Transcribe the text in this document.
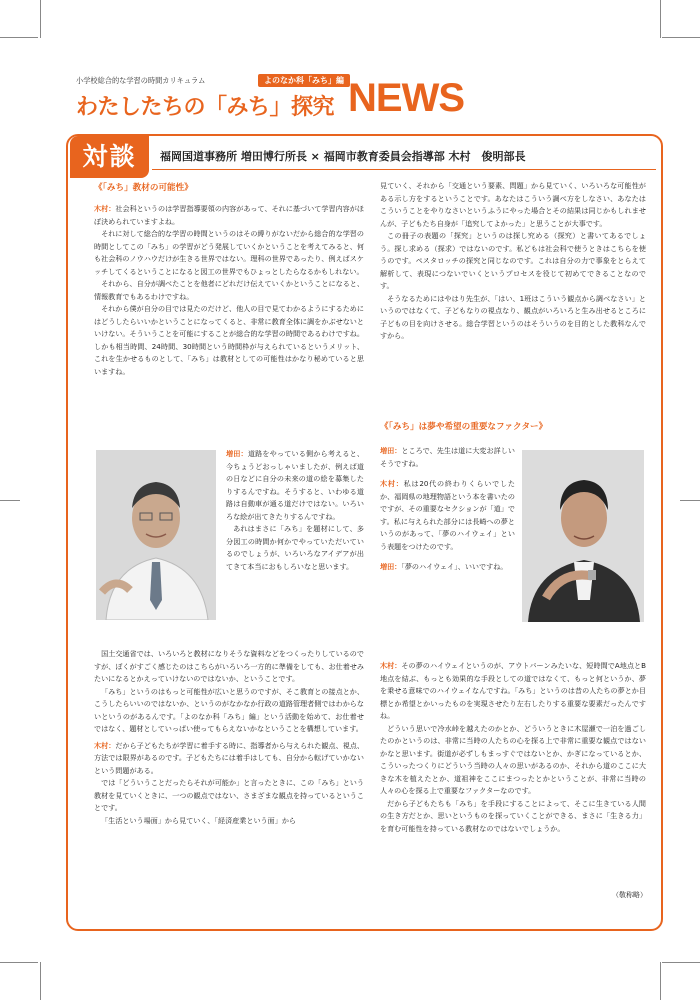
小学校総合的な学習の時間カリキュラム	よのなか科「みち」編
わたしたちの「みち」探究 NEWS
対談	福岡国道事務所 増田博行所長 × 福岡市教育委員会指導部 木村　俊明部長
《「みち」教材の可能性》

木村：社会科というのは学習指導要領の内容があって、それに基づいて学習内容がほぼ決められていますよね。

それに対して総合的な学習の時間というのはその縛りがないだから総合的な学習の時間としてこの「みち」の学習がどう発展していくかということを考えてみると、何も社会科のノウハウだけが生きる世界ではない。理科の世界であったり、例えばスケッチしてくるということになると図工の世界でもひょっとしたらなるかもしれない。

それから、自分が調べたことを他者にどれだけ伝えていくかということになると、情報教育でもあるわけですね。

それから僕が自分の目では見たのだけど、他人の目で見てわかるようにするためにはどうしたらいいかということになってくると、非常に教育全体に調をかぶせないといけない。そういうことを可能にすることが総合的な学習の時間であるわけですね。しかも相当時間、24時間、30時間という時間枠が与えられているというメリット、これを生かせるものとして、「みち」は教材としての可能性はかなり秘めていると思いますね。

増田：道路をやっている側から考えると、今ちょうどおっしゃいましたが、例えば道の日などに自分の未来の道の絵を募集したりするんですね。そうすると、いわゆる道路は自動車が通る道だけではない。いろいろな絵が出てきたりするんですね。

あれはまさに「みち」を題材にして、多分図工の時間か何かでやっていただいているのでしょうが、いろいろなアイデアが出てきて本当におもしろいなと思います。

国土交通省では、いろいろと教材になりそうな資料などをつくったりしているのですが、ぼくがすごく感じたのはこちらがいろいろ一方的に準備をしても、お仕着せみたいになるとかえっていけないのではないか、ということです。

「みち」というのはもっと可能性が広いと思うのですが、そこ教育との接点とか、こうしたらいいのではないか、というのがなかなか行政の道路管理者側ではわからないというのがあるんです。「よのなか科「みち」編」という活動を始めて、お仕着せではなく、題材としていっぱい使ってもらえないかなということを構想しています。

木村：だから子どもたちが学習に着手する時に、指導者から与えられた観点、視点、方法では限界があるのです。子どもたちには着手はしても、自分から転げていかないという問題がある。

では「どういうことだったらそれが可能か」と言ったときに、この「みち」という教材を見ていくときに、一つの観点ではない、さまざまな観点を持っているということです。

「生活という場面」から見ていく、「経済産業という面」から

見ていく、それから「交通という要素、問題」から見ていく、いろいろな可能性がある示し方をするということです。あなたはこういう調べ方をしなさい、あなたはこういうことをやりなさいというふうにやった場合とその結果は同じかもしれませんが、子どもたち自身が「追究してよかった」と思うことが大事です。

この冊子の表題の「探究」というのは探し究める（探究）と書いてあるでしょう。探し求める（探求）ではないのです。私どもは社会科で使うときはこちらを使うのです。ペスタロッチの探究と同じなのです。これは自分の力で事象をとらえて解析して、表現につないでいくというプロセスを役じて初めてできることなのです。

そうなるためにはやはり先生が、「はい、1班はこういう観点から調べなさい」というのではなくて、子どもなりの視点なり、観点がいろいろと生み出せるところに子どもの目を向けさせる。総合学習というのはそういうのを目的とした教科なんですから。

《「みち」は夢や希望の重要なファクター》

増田：ところで、先生は道に大変お詳しいそうですね。

木村：私は20代の終わりくらいでしたか、福岡県の地理物語という本を書いたのですが、その重要なセクションが「道」です。私に与えられた部分には長崎への夢というのがあって、「夢のハイウェイ」という表題をつけたのです。

増田：「夢のハイウェイ」、いいですね。

木村：その夢のハイウェイというのが、アウトバーンみたいな、短時間でA地点とB地点を結ぶ、もっとも効果的な手段としての道ではなくて、もっと何というか、夢を乗せる意味でのハイウェイなんですね。「みち」というのは昔の人たちの夢とか目標とか希望とかいったものを実現させたり左右したりする重要な要素だったんですね。

どういう思いで冷水峠を越えたのかとか、どういうときに木屋瀬で一泊を過ごしたのかというのは、非常に当時の人たちの心を探る上で非常に重要な観点ではないかなと思います。街道が必ずしもまっすぐではないとか、かぎになっているとか、こういったつくりにどういう当時の人々の思いがあるのか、それから道のここに大きな木を植えたとか、道祖神をここにまつったとかということが、非常に当時の人々の心を探る上で重要なファクターなのです。

だから子どもたちも「みち」を手段にすることによって、そこに生きている人間の生き方だとか、思いというものを探っていくことができる、まさに「生きる力」を育む可能性を持っている教材なのではないでしょうか。

（敬称略）
